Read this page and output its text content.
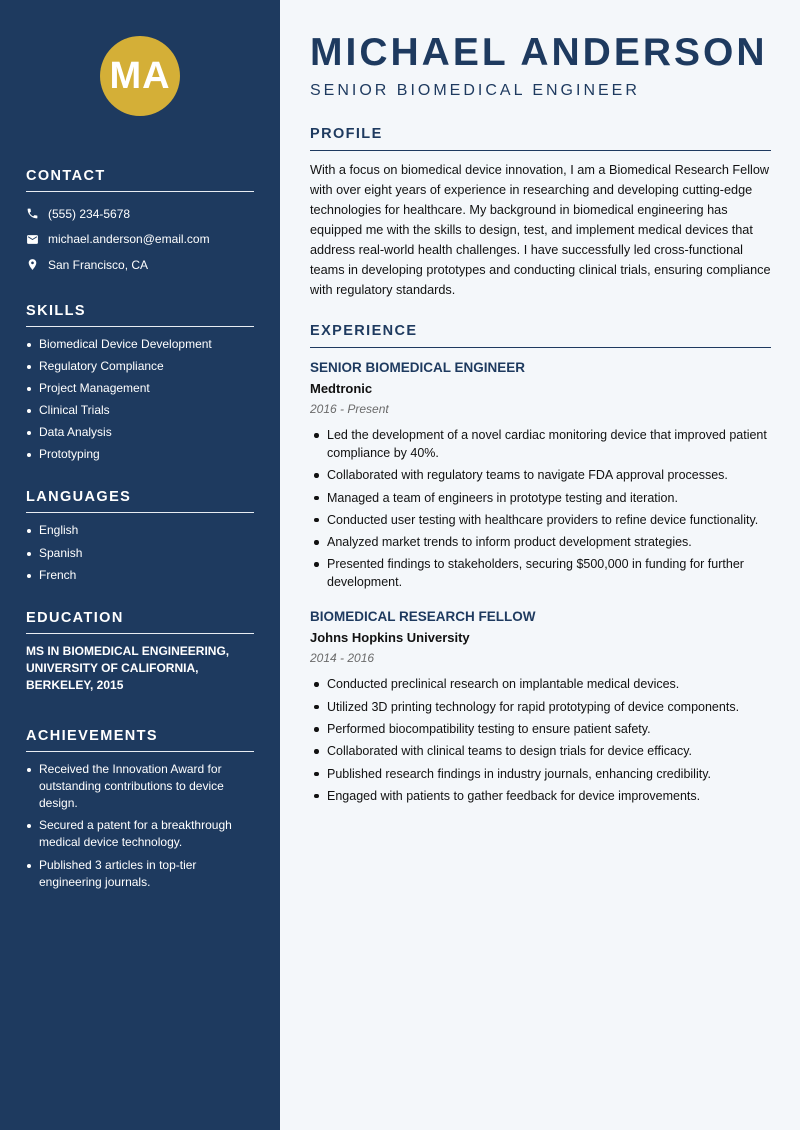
MA
CONTACT
(555) 234-5678
michael.anderson@email.com
San Francisco, CA
SKILLS
Biomedical Device Development
Regulatory Compliance
Project Management
Clinical Trials
Data Analysis
Prototyping
LANGUAGES
English
Spanish
French
EDUCATION
MS IN BIOMEDICAL ENGINEERING, UNIVERSITY OF CALIFORNIA, BERKELEY, 2015
ACHIEVEMENTS
Received the Innovation Award for outstanding contributions to device design.
Secured a patent for a breakthrough medical device technology.
Published 3 articles in top-tier engineering journals.
MICHAEL ANDERSON
SENIOR BIOMEDICAL ENGINEER
PROFILE

With a focus on biomedical device innovation, I am a Biomedical Research Fellow with over eight years of experience in researching and developing cutting-edge technologies for healthcare. My background in biomedical engineering has equipped me with the skills to design, test, and implement medical devices that address real-world health challenges. I have successfully led cross-functional teams in developing prototypes and conducting clinical trials, ensuring compliance with regulatory standards.

EXPERIENCE
SENIOR BIOMEDICAL ENGINEER
Medtronic
2016 - Present
Led the development of a novel cardiac monitoring device that improved patient compliance by 40%.
Collaborated with regulatory teams to navigate FDA approval processes.
Managed a team of engineers in prototype testing and iteration.
Conducted user testing with healthcare providers to refine device functionality.
Analyzed market trends to inform product development strategies.
Presented findings to stakeholders, securing $500,000 in funding for further development.
BIOMEDICAL RESEARCH FELLOW
Johns Hopkins University
2014 - 2016
Conducted preclinical research on implantable medical devices.
Utilized 3D printing technology for rapid prototyping of device components.
Performed biocompatibility testing to ensure patient safety.
Collaborated with clinical teams to design trials for device efficacy.
Published research findings in industry journals, enhancing credibility.
Engaged with patients to gather feedback for device improvements.
